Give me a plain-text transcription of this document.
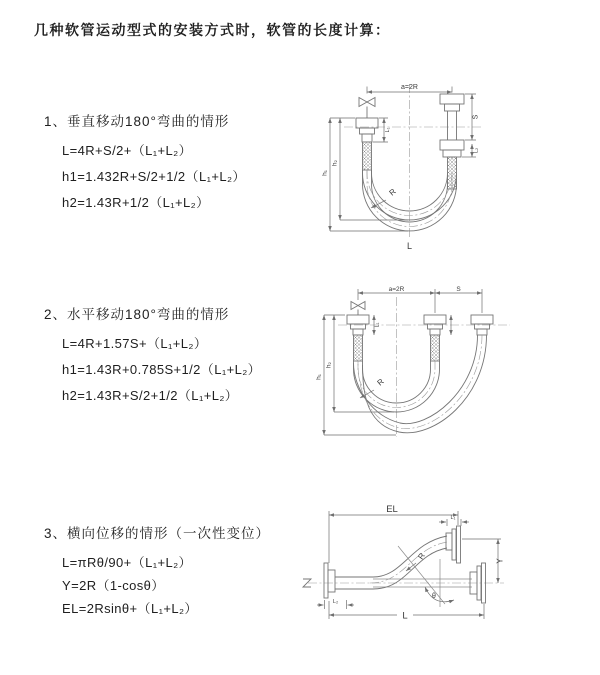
几种软管运动型式的安装方式时，软管的长度计算：
1、垂直移动180°弯曲的情形
L=4R+S/2+（L₁+L₂）
h1=1.432R+S/2+1/2（L₁+L₂）
h2=1.43R+1/2（L₁+L₂）
2、水平移动180°弯曲的情形
L=4R+1.57S+（L₁+L₂）
h1=1.43R+0.785S+1/2（L₁+L₂）
h2=1.43R+S/2+1/2（L₁+L₂）
3、横向位移的情形（一次性变位）
L=πRθ/90+（L₁+L₂）
Y=2R（1-cosθ）
EL=2Rsinθ+（L₁+L₂）
a=2R
L₁
S
L₂
h₁
h₂
R
L
a=2R	S
L₁
h₁
h₂
R
EL
L₁
Y
R
θ
L₂
L
